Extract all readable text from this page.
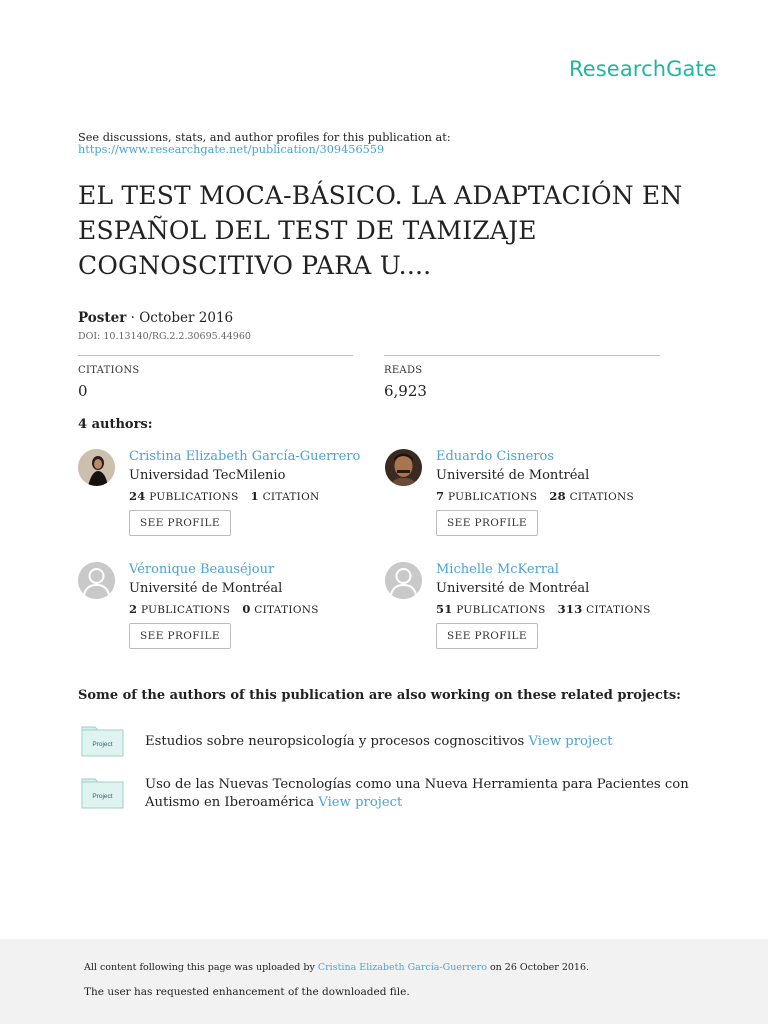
ResearchGate
See discussions, stats, and author profiles for this publication at:
https://www.researchgate.net/publication/309456559
EL TEST MOCA-BÁSICO. LA ADAPTACIÓN EN ESPAÑOL DEL TEST DE TAMIZAJE COGNOSCITIVO PARA U....
Poster · October 2016
DOI: 10.13140/RG.2.2.30695.44960
CITATIONS
0
READS
6,923
4 authors:
Cristina Elizabeth García-Guerrero
Universidad TecMilenio
24 PUBLICATIONS 1 CITATION
SEE PROFILE
Eduardo Cisneros
Université de Montréal
7 PUBLICATIONS 28 CITATIONS
SEE PROFILE
Véronique Beauséjour
Université de Montréal
2 PUBLICATIONS 0 CITATIONS
SEE PROFILE
Michelle McKerral
Université de Montréal
51 PUBLICATIONS 313 CITATIONS
SEE PROFILE
Some of the authors of this publication are also working on these related projects:
Project Estudios sobre neuropsicología y procesos cognoscitivos View project
Project
Uso de las Nuevas Tecnologías como una Nueva Herramienta para Pacientes con Autismo en Iberoamérica View project
All content following this page was uploaded by Cristina Elizabeth García-Guerrero on 26 October 2016.
The user has requested enhancement of the downloaded file.
